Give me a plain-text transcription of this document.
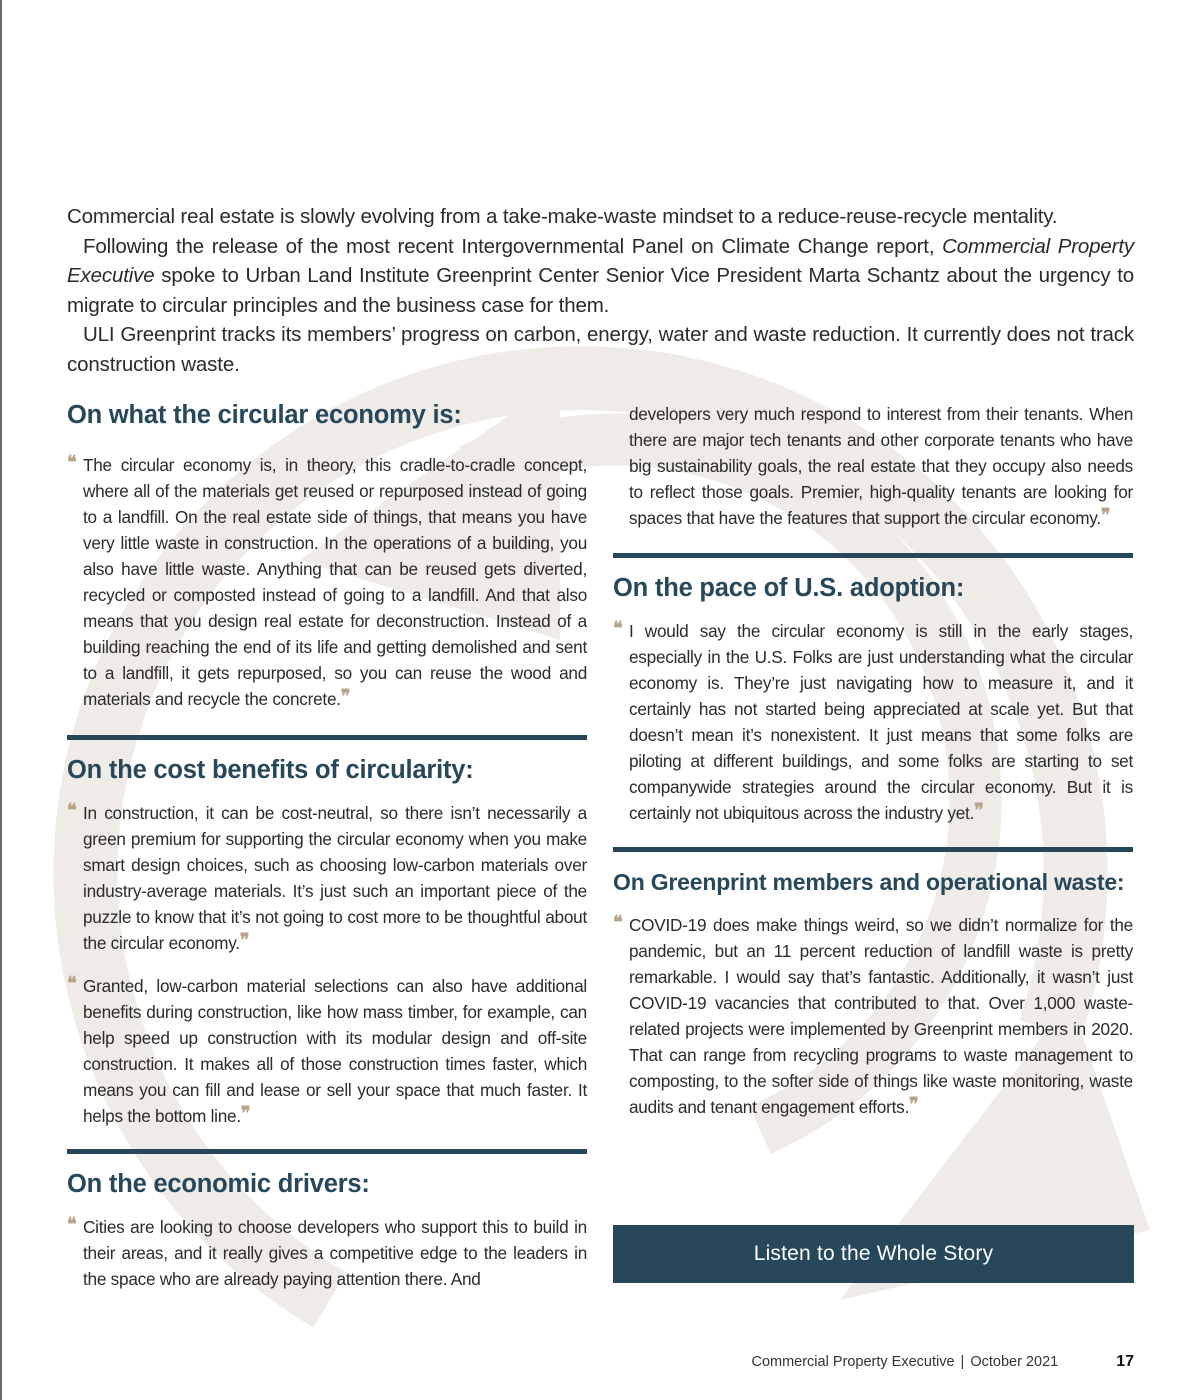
Commercial real estate is slowly evolving from a take-make-waste mindset to a reduce-reuse-recycle mentality.

Following the release of the most recent Intergovernmental Panel on Climate Change report, Commercial Property Executive spoke to Urban Land Institute Greenprint Center Senior Vice President Marta Schantz about the urgency to migrate to circular principles and the business case for them.

ULI Greenprint tracks its members’ progress on carbon, energy, water and waste reduction. It currently does not track construction waste.

On what the circular economy is:

❝ The circular economy is, in theory, this cradle-to-cradle concept, where all of the materials get reused or repurposed instead of going to a landfill. On the real estate side of things, that means you have very little waste in construction. In the operations of a building, you also have little waste. Anything that can be reused gets diverted, recycled or composted instead of going to a landfill. And that also means that you design real estate for deconstruction. Instead of a building reaching the end of its life and getting demolished and sent to a landfill, it gets repurposed, so you can reuse the wood and materials and recycle the concrete.❞

On the cost benefits of circularity:

❝ In construction, it can be cost-neutral, so there isn’t necessarily a green premium for supporting the circular economy when you make smart design choices, such as choosing low-carbon materials over industry-average materials. It’s just such an important piece of the puzzle to know that it’s not going to cost more to be thoughtful about the circular economy.❞

❝ Granted, low-carbon material selections can also have additional benefits during construction, like how mass timber, for example, can help speed up construction with its modular design and off-site construction. It makes all of those construction times faster, which means you can fill and lease or sell your space that much faster. It helps the bottom line.❞

On the economic drivers:

❝ Cities are looking to choose developers who support this to build in their areas, and it really gives a competitive edge to the leaders in the space who are already paying attention there. And

developers very much respond to interest from their tenants. When there are major tech tenants and other corporate tenants who have big sustainability goals, the real estate that they occupy also needs to reflect those goals. Premier, high-quality tenants are looking for spaces that have the features that support the circular economy.❞

On the pace of U.S. adoption:

❝ I would say the circular economy is still in the early stages, especially in the U.S. Folks are just understanding what the circular economy is. They’re just navigating how to measure it, and it certainly has not started being appreciated at scale yet. But that doesn’t mean it’s nonexistent. It just means that some folks are piloting at different buildings, and some folks are starting to set companywide strategies around the circular economy. But it is certainly not ubiquitous across the industry yet.❞

On Greenprint members and operational waste:

❝ COVID-19 does make things weird, so we didn’t normalize for the pandemic, but an 11 percent reduction of landfill waste is pretty remarkable. I would say that’s fantastic. Additionally, it wasn’t just COVID-19 vacancies that contributed to that. Over 1,000 waste-related projects were implemented by Greenprint members in 2020. That can range from recycling programs to waste management to composting, to the softer side of things like waste monitoring, waste audits and tenant engagement efforts.❞

Listen to the Whole Story
Commercial Property Executive | October 2021	17
